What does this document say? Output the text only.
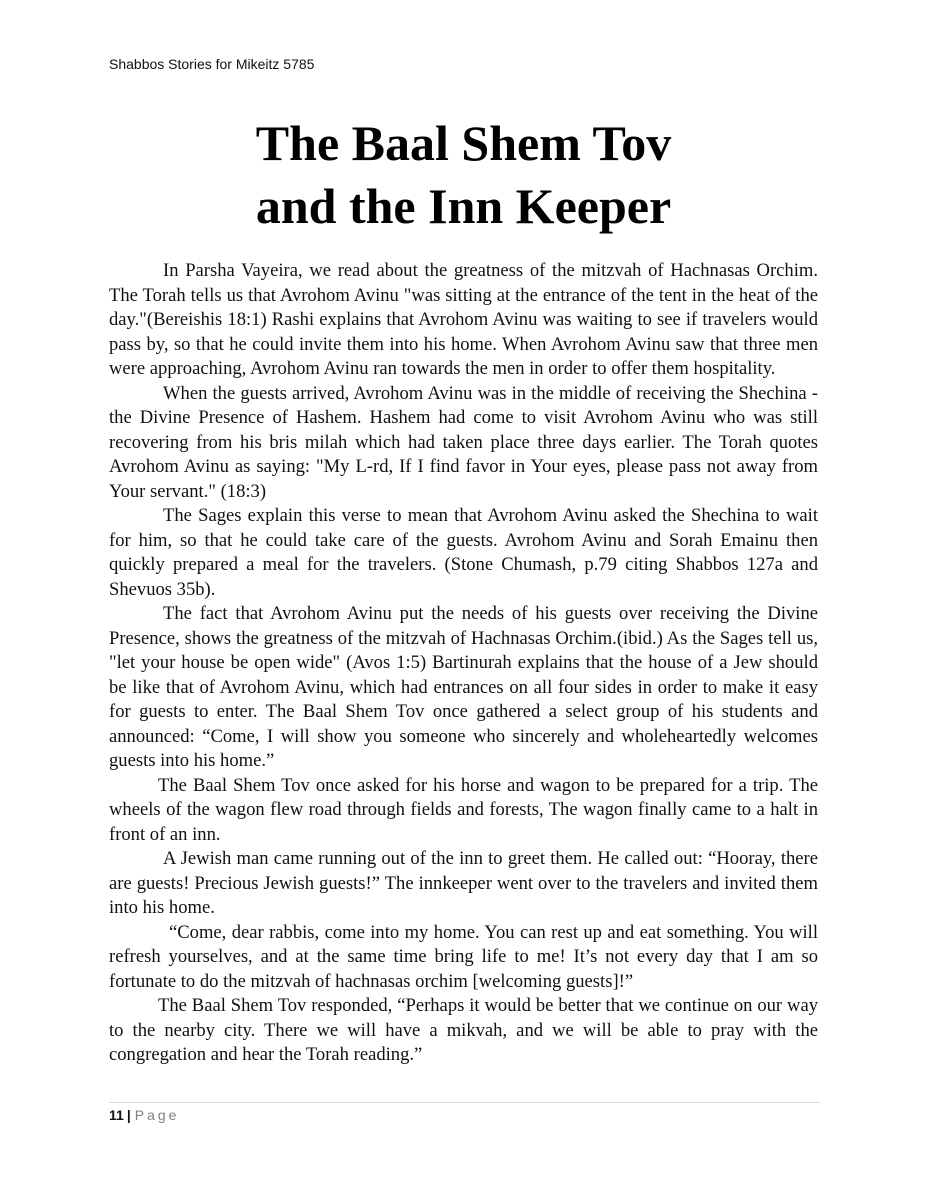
Shabbos Stories for Mikeitz 5785
The Baal Shem Tov
and the Inn Keeper

In Parsha Vayeira, we read about the greatness of the mitzvah of Hachnasas Orchim. The Torah tells us that Avrohom Avinu "was sitting at the entrance of the tent in the heat of the day."(Bereishis 18:1) Rashi explains that Avrohom Avinu was waiting to see if travelers would pass by, so that he could invite them into his home. When Avrohom Avinu saw that three men were approaching, Avrohom Avinu ran towards the men in order to offer them hospitality.

When the guests arrived, Avrohom Avinu was in the middle of receiving the Shechina - the Divine Presence of Hashem. Hashem had come to visit Avrohom Avinu who was still recovering from his bris milah which had taken place three days earlier. The Torah quotes Avrohom Avinu as saying: "My L-rd, If I find favor in Your eyes, please pass not away from Your servant." (18:3)

The Sages explain this verse to mean that Avrohom Avinu asked the Shechina to wait for him, so that he could take care of the guests. Avrohom Avinu and Sorah Emainu then quickly prepared a meal for the travelers. (Stone Chumash, p.79 citing Shabbos 127a and Shevuos 35b).

The fact that Avrohom Avinu put the needs of his guests over receiving the Divine Presence, shows the greatness of the mitzvah of Hachnasas Orchim.(ibid.) As the Sages tell us, "let your house be open wide" (Avos 1:5) Bartinurah explains that the house of a Jew should be like that of Avrohom Avinu, which had entrances on all four sides in order to make it easy for guests to enter. The Baal Shem Tov once gathered a select group of his students and announced: “Come, I will show you someone who sincerely and wholeheartedly welcomes guests into his home.”

The Baal Shem Tov once asked for his horse and wagon to be prepared for a trip. The wheels of the wagon flew road through fields and forests, The wagon finally came to a halt in front of an inn.

A Jewish man came running out of the inn to greet them. He called out: “Hooray, there are guests! Precious Jewish guests!” The innkeeper went over to the travelers and invited them into his home.

“Come, dear rabbis, come into my home. You can rest up and eat something. You will refresh yourselves, and at the same time bring life to me! It’s not every day that I am so fortunate to do the mitzvah of hachnasas orchim [welcoming guests]!”

The Baal Shem Tov responded, “Perhaps it would be better that we continue on our way to the nearby city. There we will have a mikvah, and we will be able to pray with the congregation and hear the Torah reading.”

11 | Page
